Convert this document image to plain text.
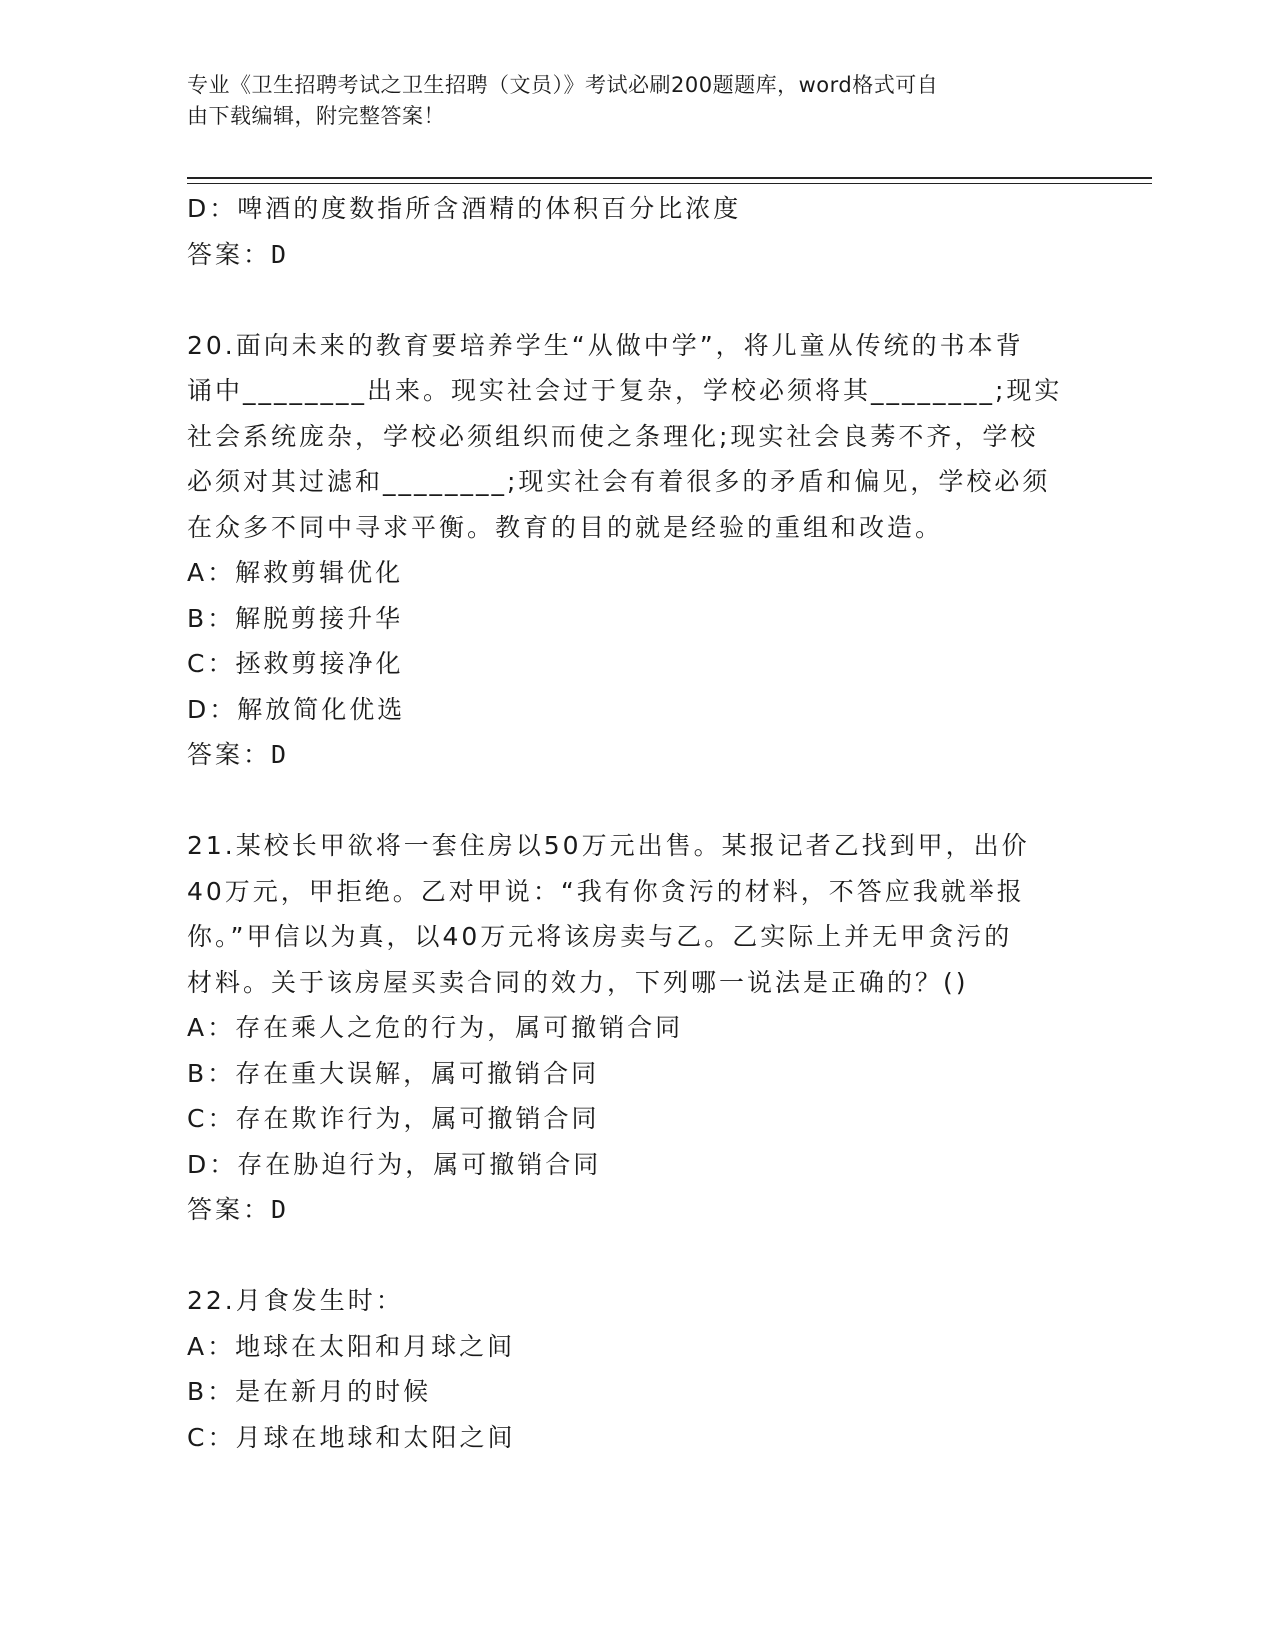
专业《卫生招聘考试之卫生招聘（文员）》考试必刷200题题库，word格式可自
由下载编辑，附完整答案！

D：啤酒的度数指所含酒精的体积百分比浓度

答案：D

20.面向未来的教育要培养学生“从做中学”，将儿童从传统的书本背

诵中________出来。现实社会过于复杂，学校必须将其________;现实

社会系统庞杂，学校必须组织而使之条理化;现实社会良莠不齐，学校

必须对其过滤和________;现实社会有着很多的矛盾和偏见，学校必须

在众多不同中寻求平衡。教育的目的就是经验的重组和改造。

A：解救剪辑优化

B：解脱剪接升华

C：拯救剪接净化

D：解放简化优选

答案：D

21.某校长甲欲将一套住房以50万元出售。某报记者乙找到甲，出价

40万元，甲拒绝。乙对甲说：“我有你贪污的材料，不答应我就举报

你。”甲信以为真，以40万元将该房卖与乙。乙实际上并无甲贪污的

材料。关于该房屋买卖合同的效力，下列哪一说法是正确的？()

A：存在乘人之危的行为，属可撤销合同

B：存在重大误解，属可撤销合同

C：存在欺诈行为，属可撤销合同

D：存在胁迫行为，属可撤销合同

答案：D

22.月食发生时：

A：地球在太阳和月球之间

B：是在新月的时候

C：月球在地球和太阳之间
